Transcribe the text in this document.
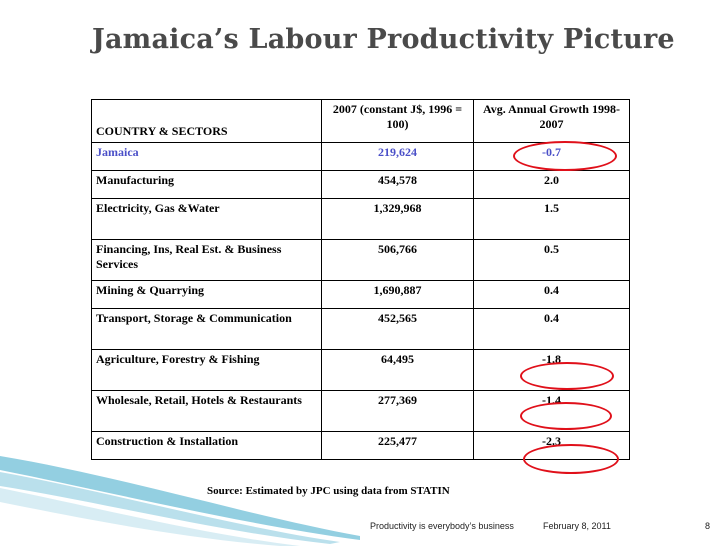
Jamaica’s Labour Productivity Picture
COUNTRY & SECTORS	2007 (constant J$, 1996 = 100)	Avg. Annual Growth 1998-2007
Jamaica	219,624	-0.7
Manufacturing	454,578	2.0
Electricity, Gas &Water	1,329,968	1.5
Financing, Ins, Real Est. & Business Services	506,766	0.5
Mining & Quarrying	1,690,887	0.4
Transport, Storage & Communication	452,565	0.4
Agriculture, Forestry & Fishing	64,495	-1.8
Wholesale, Retail, Hotels & Restaurants	277,369	-1.4
Construction & Installation	225,477	-2.3
Source: Estimated by JPC using data from STATIN
Productivity is everybody’s business	February 8, 2011	8
